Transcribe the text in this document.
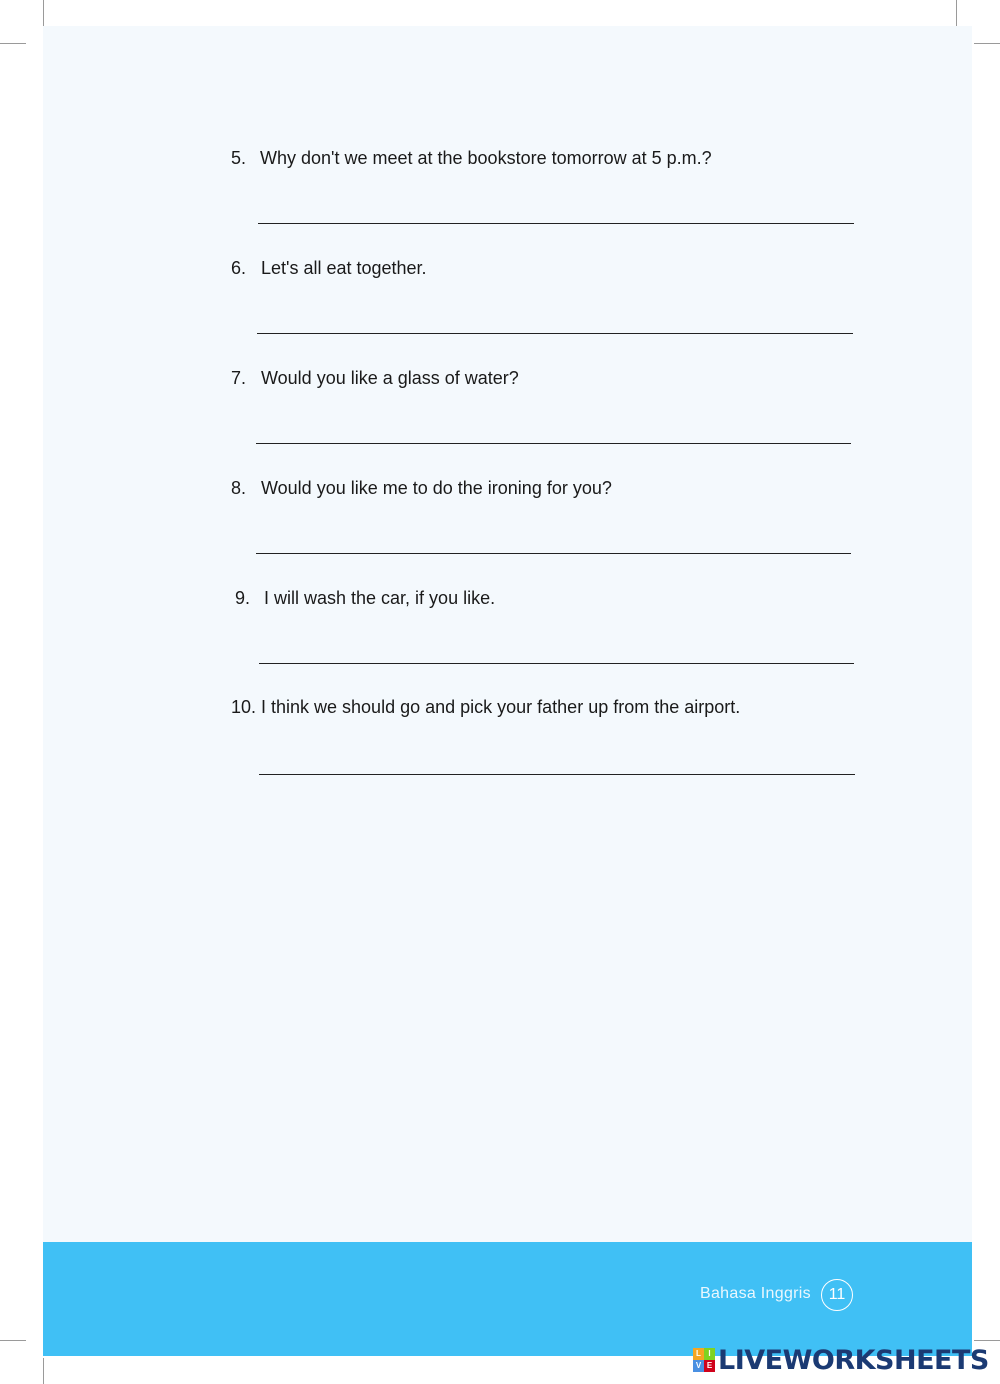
5. Why don't we meet at the bookstore tomorrow at 5 p.m.?
6. Let's all eat together.
7. Would you like a glass of water?
8. Would you like me to do the ironing for you?
9. I will wash the car, if you like.
10. I think we should go and pick your father up from the airport.
Bahasa Inggris	11
L I
V E LIVEWORKSHEETS
